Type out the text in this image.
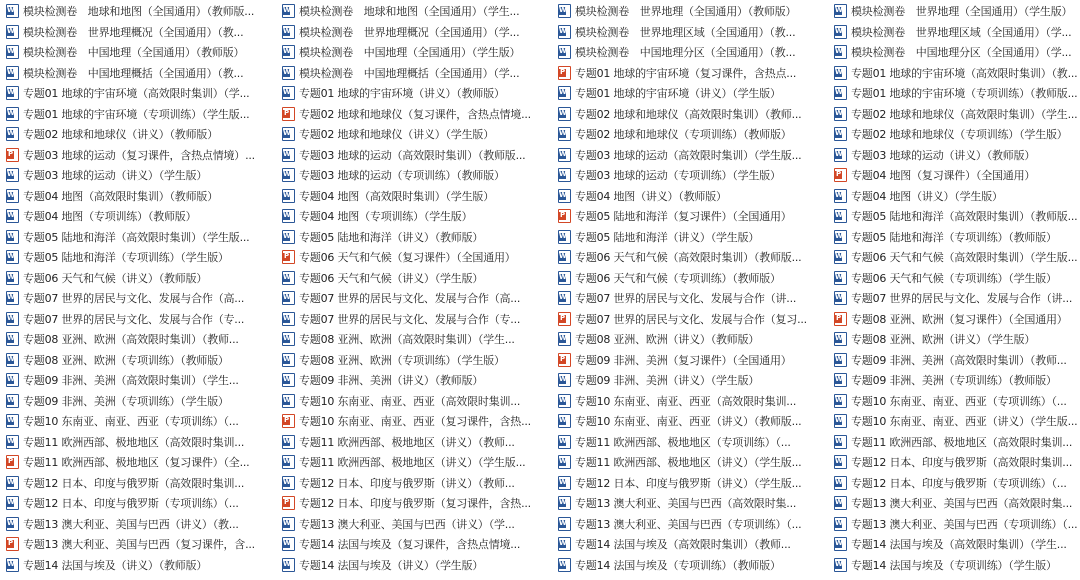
W
模块检测卷　地球和地图（全国通用）（教师版...
W
模块检测卷　世界地理概况（全国通用）（教...
W
模块检测卷　中国地理（全国通用）（教师版）
W
模块检测卷　中国地理概括（全国通用）（教...
W
专题01 地球的宇宙环境（高效限时集训）（学...
W
专题01 地球的宇宙环境（专项训练）（学生版...
W
专题02 地球和地球仪（讲义）（教师版）
P
专题03 地球的运动（复习课件，含热点情境）...
W
专题03 地球的运动（讲义）（学生版）
W
专题04 地图（高效限时集训）（教师版）
W
专题04 地图（专项训练）（教师版）
W
专题05 陆地和海洋（高效限时集训）（学生版...
W
专题05 陆地和海洋（专项训练）（学生版）
W
专题06 天气和气候（讲义）（教师版）
W
专题07 世界的居民与文化、发展与合作（高...
W
专题07 世界的居民与文化、发展与合作（专...
W
专题08 亚洲、欧洲（高效限时集训）（教师...
W
专题08 亚洲、欧洲（专项训练）（教师版）
W
专题09 非洲、美洲（高效限时集训）（学生...
W
专题09 非洲、美洲（专项训练）（学生版）
W
专题10 东南亚、南亚、西亚（专项训练）（...
W
专题11 欧洲西部、极地地区（高效限时集训...
P
专题11 欧洲西部、极地地区（复习课件）（全...
W
专题12 日本、印度与俄罗斯（高效限时集训...
W
专题12 日本、印度与俄罗斯（专项训练）（...
W
专题13 澳大利亚、美国与巴西（讲义）（教...
P
专题13 澳大利亚、美国与巴西（复习课件，含...
W
专题14 法国与埃及（讲义）（教师版）
W
模块检测卷　地球和地图（全国通用）（学生...
W
模块检测卷　世界地理概况（全国通用）（学...
W
模块检测卷　中国地理（全国通用）（学生版）
W
模块检测卷　中国地理概括（全国通用）（学...
W
专题01 地球的宇宙环境（讲义）（教师版）
P
专题02 地球和地球仪（复习课件，含热点情境...
W
专题02 地球和地球仪（讲义）（学生版）
W
专题03 地球的运动（高效限时集训）（教师版...
W
专题03 地球的运动（专项训练）（教师版）
W
专题04 地图（高效限时集训）（学生版）
W
专题04 地图（专项训练）（学生版）
W
专题05 陆地和海洋（讲义）（教师版）
P
专题06 天气和气候（复习课件）（全国通用）
W
专题06 天气和气候（讲义）（学生版）
W
专题07 世界的居民与文化、发展与合作（高...
W
专题07 世界的居民与文化、发展与合作（专...
W
专题08 亚洲、欧洲（高效限时集训）（学生...
W
专题08 亚洲、欧洲（专项训练）（学生版）
W
专题09 非洲、美洲（讲义）（教师版）
W
专题10 东南亚、南亚、西亚（高效限时集训...
P
专题10 东南亚、南亚、西亚（复习课件，含热...
W
专题11 欧洲西部、极地地区（讲义）（教师...
W
专题11 欧洲西部、极地地区（讲义）（学生版...
W
专题12 日本、印度与俄罗斯（讲义）（教师...
P
专题12 日本、印度与俄罗斯（复习课件，含热...
W
专题13 澳大利亚、美国与巴西（讲义）（学...
W
专题14 法国与埃及（复习课件，含热点情境...
W
专题14 法国与埃及（讲义）（学生版）
W
模块检测卷　世界地理（全国通用）（教师版）
W
模块检测卷　世界地理区域（全国通用）（教...
W
模块检测卷　中国地理分区（全国通用）（教...
P
专题01 地球的宇宙环境（复习课件，含热点...
W
专题01 地球的宇宙环境（讲义）（学生版）
W
专题02 地球和地球仪（高效限时集训）（教师...
W
专题02 地球和地球仪（专项训练）（教师版）
W
专题03 地球的运动（高效限时集训）（学生版...
W
专题03 地球的运动（专项训练）（学生版）
W
专题04 地图（讲义）（教师版）
P
专题05 陆地和海洋（复习课件）（全国通用）
W
专题05 陆地和海洋（讲义）（学生版）
W
专题06 天气和气候（高效限时集训）（教师版...
W
专题06 天气和气候（专项训练）（教师版）
W
专题07 世界的居民与文化、发展与合作（讲...
P
专题07 世界的居民与文化、发展与合作（复习...
W
专题08 亚洲、欧洲（讲义）（教师版）
P
专题09 非洲、美洲（复习课件）（全国通用）
W
专题09 非洲、美洲（讲义）（学生版）
W
专题10 东南亚、南亚、西亚（高效限时集训...
W
专题10 东南亚、南亚、西亚（讲义）（教师版...
W
专题11 欧洲西部、极地地区（专项训练）（...
W
专题11 欧洲西部、极地地区（讲义）（学生版...
W
专题12 日本、印度与俄罗斯（讲义）（学生版...
W
专题13 澳大利亚、美国与巴西（高效限时集...
W
专题13 澳大利亚、美国与巴西（专项训练）（...
W
专题14 法国与埃及（高效限时集训）（教师...
W
专题14 法国与埃及（专项训练）（教师版）
W
模块检测卷　世界地理（全国通用）（学生版）
W
模块检测卷　世界地理区域（全国通用）（学...
W
模块检测卷　中国地理分区（全国通用）（学...
W
专题01 地球的宇宙环境（高效限时集训）（教...
W
专题01 地球的宇宙环境（专项训练）（教师版...
W
专题02 地球和地球仪（高效限时集训）（学生...
W
专题02 地球和地球仪（专项训练）（学生版）
W
专题03 地球的运动（讲义）（教师版）
P
专题04 地图（复习课件）（全国通用）
W
专题04 地图（讲义）（学生版）
W
专题05 陆地和海洋（高效限时集训）（教师版...
W
专题05 陆地和海洋（专项训练）（教师版）
W
专题06 天气和气候（高效限时集训）（学生版...
W
专题06 天气和气候（专项训练）（学生版）
W
专题07 世界的居民与文化、发展与合作（讲...
P
专题08 亚洲、欧洲（复习课件）（全国通用）
W
专题08 亚洲、欧洲（讲义）（学生版）
W
专题09 非洲、美洲（高效限时集训）（教师...
W
专题09 非洲、美洲（专项训练）（教师版）
W
专题10 东南亚、南亚、西亚（专项训练）（...
W
专题10 东南亚、南亚、西亚（讲义）（学生版...
W
专题11 欧洲西部、极地地区（高效限时集训...
W
专题12 日本、印度与俄罗斯（高效限时集训...
W
专题12 日本、印度与俄罗斯（专项训练）（...
W
专题13 澳大利亚、美国与巴西（高效限时集...
W
专题13 澳大利亚、美国与巴西（专项训练）（...
W
专题14 法国与埃及（高效限时集训）（学生...
W
专题14 法国与埃及（专项训练）（学生版）
